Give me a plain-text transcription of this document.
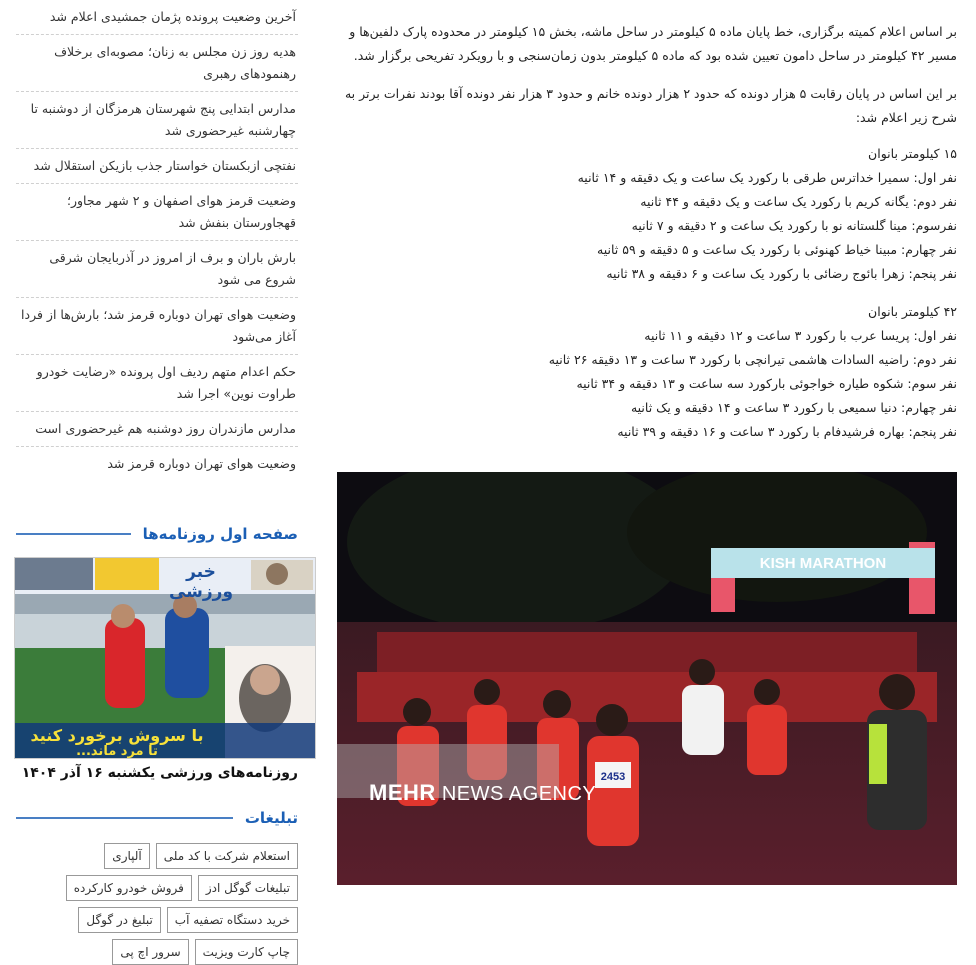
آخرین وضعیت پرونده پژمان جمشیدی اعلام شد
هدیه روز زن مجلس به زنان؛ مصوبه‌ای برخلاف رهنمودهای رهبری
مدارس ابتدایی پنج شهرستان هرمزگان از دوشنبه تا چهارشنبه غیرحضوری شد
نفتچی ازبکستان خواستار جذب بازیکن استقلال شد
وضعیت قرمز هوای اصفهان و ۲ شهر مجاور؛ قهجاورستان بنفش شد
بارش باران و برف از امروز در آذربایجان شرقی شروع می شود
وضعیت هوای تهران دوباره قرمز شد؛ بارش‌ها از فردا آغاز می‌شود
حکم اعدام متهم ردیف اول پرونده «رضایت خودرو طراوت نوین» اجرا شد
مدارس مازندران روز دوشنبه هم غیرحضوری است
وضعیت هوای تهران دوباره قرمز شد
صفحه اول روزنامه‌ها
خبر ورزشی
با سروش برخورد کنید
تا مرد ماند...
روزنامه‌های ورزشی یکشنبه ۱۶ آذر ۱۴۰۴
تبلیغات
استعلام شرکت با کد ملی
آلپاری
تبلیغات گوگل ادز
فروش خودرو کارکرده
خرید دستگاه تصفیه آب
تبلیغ در گوگل
چاپ کارت ویزیت
سرور اچ پی

بر اساس اعلام کمیته برگزاری، خط پایان ماده ۵ کیلومتر در ساحل ماشه، بخش ۱۵ کیلومتر در محدوده پارک دلفین‌ها و مسیر ۴۲ کیلومتر در ساحل دامون تعیین شده بود که ماده ۵ کیلومتر بدون زمان‌سنجی و با رویکرد تفریحی برگزار شد.

بر این اساس در پایان رقابت ۵ هزار دونده که حدود ۲ هزار دونده خانم و حدود ۳ هزار نفر دونده آقا بودند نفرات برتر به شرح زیر اعلام شد:

۱۵ کیلومتر بانوان

نفر اول: سمیرا خداترس طرقی با رکورد یک ساعت و یک دقیقه و ۱۴ ثانیه

نفر دوم: یگانه کریم با رکورد یک ساعت و یک دقیقه و ۴۴ ثانیه

نفرسوم: مینا گلستانه نو با رکورد یک ساعت و ۲ دقیقه و ۷ ثانیه

نفر چهارم: مبینا خیاط کهنوئی با رکورد یک ساعت و ۵ دقیقه و ۵۹ ثانیه

نفر پنجم: زهرا بائوج رضائی با رکورد یک ساعت و ۶ دقیقه و ۳۸ ثانیه

۴۲ کیلومتر بانوان

نفر اول: پریسا عرب با رکورد ۳ ساعت و ۱۲ دقیقه و ۱۱ ثانیه

نفر دوم: راضیه السادات هاشمی تیرانچی با رکورد ۳ ساعت و ۱۳ دقیقه ۲۶ ثانیه

نفر سوم: شکوه طیاره خواجوئی بارکورد سه ساعت و ۱۳ دقیقه و ۳۴ ثانیه

نفر چهارم: دنیا سمیعی با رکورد ۳ ساعت و ۱۴ دقیقه و یک ثانیه

نفر پنجم: بهاره فرشیدفام با رکورد ۳ ساعت و ۱۶ دقیقه و ۳۹ ثانیه

KISH MARATHON
2453
MEHR NEWS AGENCY
